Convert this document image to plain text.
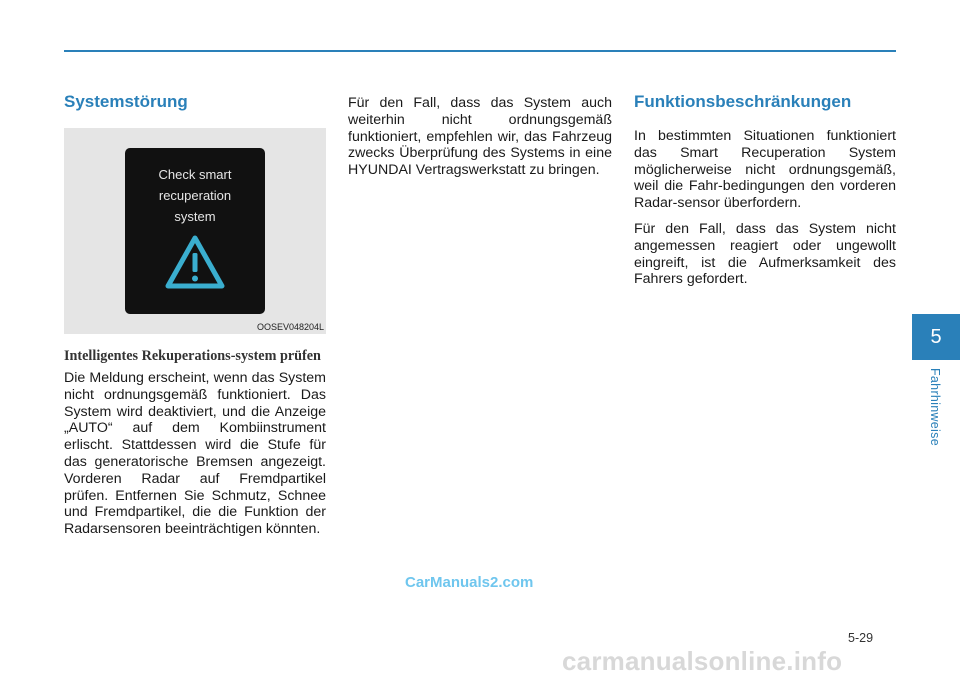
Systemstörung
Check smart
recuperation
system
OOSEV048204L
Intelligentes Rekuperations-system prüfen

Die Meldung erscheint, wenn das System nicht ordnungsgemäß funktioniert. Das System wird deaktiviert, und die Anzeige „AUTO“ auf dem Kombiinstrument erlischt. Stattdessen wird die Stufe für das generatorische Bremsen angezeigt. Vorderen Radar auf Fremdpartikel prüfen. Entfernen Sie Schmutz, Schnee und Fremdpartikel, die die Funktion der Radarsensoren beeinträchtigen könnten.

Für den Fall, dass das System auch weiterhin nicht ordnungsgemäß funktioniert, empfehlen wir, das Fahrzeug zwecks Überprüfung des Systems in eine HYUNDAI Vertragswerkstatt zu bringen.

Funktionsbeschränkungen

In bestimmten Situationen funktioniert das Smart Recuperation System möglicherweise nicht ordnungsgemäß, weil die Fahr-bedingungen den vorderen Radar-sensor überfordern.

Für den Fall, dass das System nicht angemessen reagiert oder ungewollt eingreift, ist die Aufmerksamkeit des Fahrers gefordert.

5
Fahrhinweise
CarManuals2.com
5-29
carmanualsonline.info
